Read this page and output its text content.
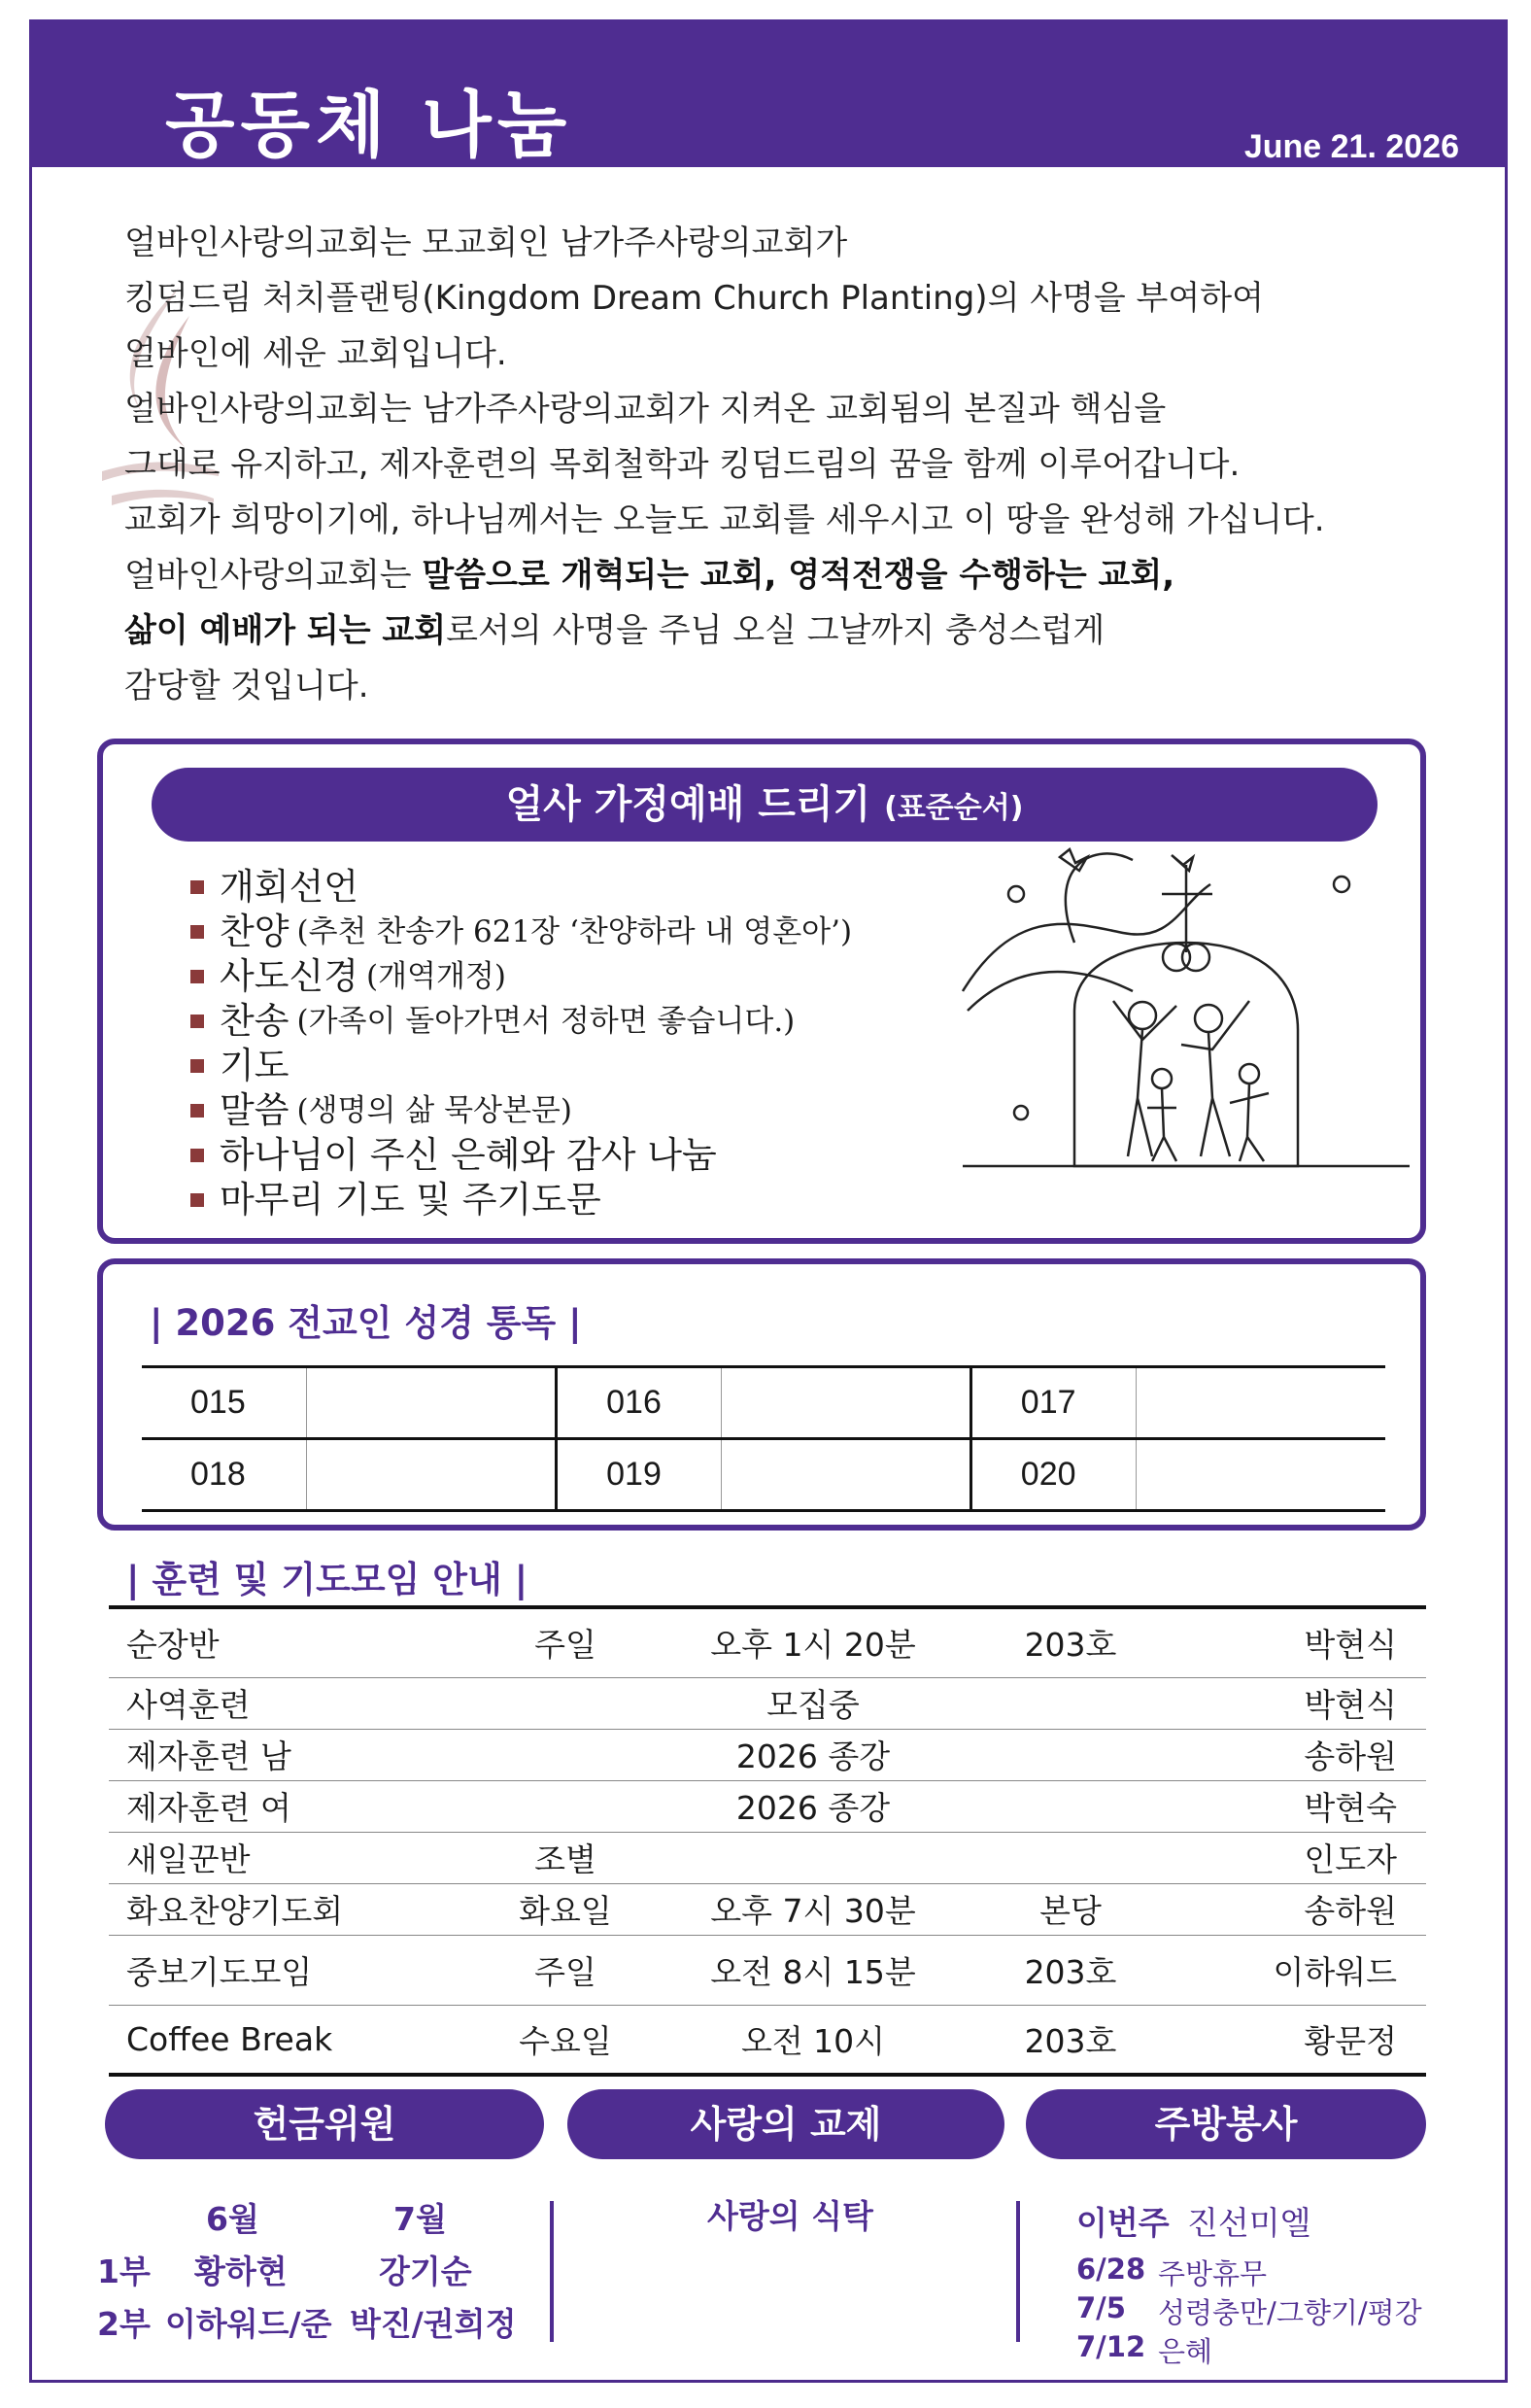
공동체 나눔	June 21. 2026

얼바인사랑의교회는 모교회인 남가주사랑의교회가

킹덤드림 처치플랜팅(Kingdom Dream Church Planting)의 사명을 부여하여

얼바인에 세운 교회입니다.

얼바인사랑의교회는 남가주사랑의교회가 지켜온 교회됨의 본질과 핵심을

그대로 유지하고, 제자훈련의 목회철학과 킹덤드림의 꿈을 함께 이루어갑니다.

교회가 희망이기에, 하나님께서는 오늘도 교회를 세우시고 이 땅을 완성해 가십니다.

얼바인사랑의교회는 말씀으로 개혁되는 교회, 영적전쟁을 수행하는 교회,

삶이 예배가 되는 교회로서의 사명을 주님 오실 그날까지 충성스럽게

감당할 것입니다.

얼사 가정예배 드리기 (표준순서)
개회선언
찬양 (추천 찬송가 621장 ‘찬양하라 내 영혼아’)
사도신경 (개역개정)
찬송 (가족이 돌아가면서 정하면 좋습니다.)
기도
말씀 (생명의 삶 묵상본문)
하나님이 주신 은혜와 감사 나눔
마무리 기도 및 주기도문
| 2026 전교인 성경 통독 |
015		016		017	
018		019		020	
| 훈련 및 기도모임 안내 |
순장반	주일	오후 1시 20분	203호	박현식
사역훈련		모집중		박현식
제자훈련 남		2026 종강		송하원
제자훈련 여		2026 종강		박현숙
새일꾼반	조별			인도자
화요찬양기도회	화요일	오후 7시 30분	본당	송하원
중보기도모임	주일	오전 8시 15분	203호	이하워드
Coffee Break	수요일	오전 10시	203호	황문정
헌금위원	사랑의 교제	주방봉사
6월	7월
1부 황하현	강기순
2부 이하워드/준 박진/권희정
사랑의 식탁	이번주 진선미엘
6/28 주방휴무
7/5 성령충만/그향기/평강
7/12 은혜
